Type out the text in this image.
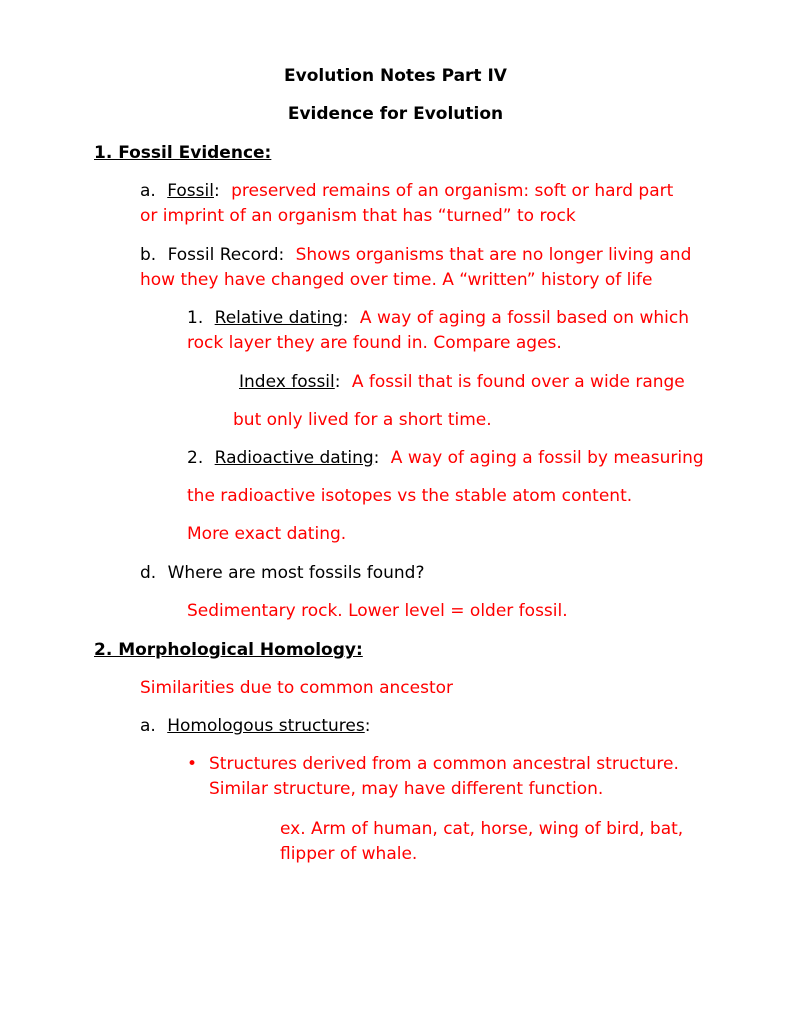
Evolution Notes Part IV
Evidence for Evolution
1. Fossil Evidence:
a. Fossil: preserved remains of an organism: soft or hard part
or imprint of an organism that has “turned” to rock
b. Fossil Record: Shows organisms that are no longer living and
how they have changed over time. A “written” history of life
1. Relative dating: A way of aging a fossil based on which
rock layer they are found in. Compare ages.
Index fossil: A fossil that is found over a wide range
but only lived for a short time.
2. Radioactive dating: A way of aging a fossil by measuring
the radioactive isotopes vs the stable atom content.
More exact dating.
d. Where are most fossils found?
Sedimentary rock. Lower level = older fossil.
2. Morphological Homology:
Similarities due to common ancestor
a. Homologous structures:
• Structures derived from a common ancestral structure.
Similar structure, may have different function.
ex. Arm of human, cat, horse, wing of bird, bat,
flipper of whale.
